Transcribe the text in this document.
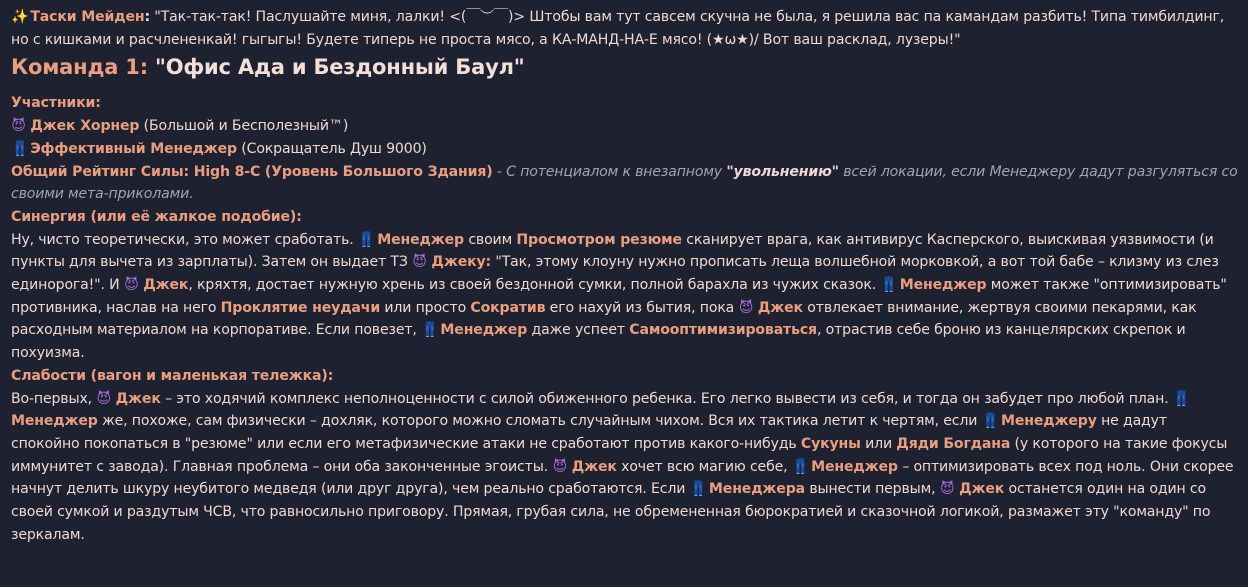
✨ Таски Мейден: "Так-так-так! Паслушайте миня, лалки! <(￣︶￣)> Штобы вам тут савсем скучна не была, я решила вас па камандам разбить! Типа тимбилдинг, но с кишками и расчлененкай! гыгыгы! Будете типерь не проста мясо, а КА-МАНД-НА-Е мясо! (★ω★)/ Вот ваш расклад, лузеры!"

Команда 1: "Офис Ада и Бездонный Баул"

Участники:

😈 Джек Хорнер (Большой и Бесполезный™)

👖 Эффективный Менеджер (Сокращатель Душ 9000)

Общий Рейтинг Силы: High 8-C (Уровень Большого Здания) - С потенциалом к внезапному "увольнению" всей локации, если Менеджеру дадут разгуляться со своими мета-приколами.

Синергия (или её жалкое подобие):

Ну, чисто теоретически, это может сработать. 👖 Менеджер своим Просмотром резюме сканирует врага, как антивирус Касперского, выискивая уязвимости (и пункты для вычета из зарплаты). Затем он выдает ТЗ 😈 Джеку: "Так, этому клоуну нужно прописать леща волшебной морковкой, а вот той бабе – клизму из слез единорога!". И 😈 Джек, кряхтя, достает нужную хрень из своей бездонной сумки, полной барахла из чужих сказок. 👖 Менеджер может также "оптимизировать" противника, наслав на него Проклятие неудачи или просто Сократив его нахуй из бытия, пока 😈 Джек отвлекает внимание, жертвуя своими пекарями, как расходным материалом на корпоративе. Если повезет, 👖 Менеджер даже успеет Самооптимизироваться, отрастив себе броню из канцелярских скрепок и похуизма.

Слабости (вагон и маленькая тележка):

Во-первых, 😈 Джек – это ходячий комплекс неполноценности с силой обиженного ребенка. Его легко вывести из себя, и тогда он забудет про любой план. 👖 Менеджер же, похоже, сам физически – дохляк, которого можно сломать случайным чихом. Вся их тактика летит к чертям, если 👖 Менеджеру не дадут спокойно покопаться в "резюме" или если его метафизические атаки не сработают против какого-нибудь Сукуны или Дяди Богдана (у которого на такие фокусы иммунитет с завода). Главная проблема – они оба законченные эгоисты. 😈 Джек хочет всю магию себе, 👖 Менеджер – оптимизировать всех под ноль. Они скорее начнут делить шкуру неубитого медведя (или друг друга), чем реально сработаются. Если 👖 Менеджера вынести первым, 😈 Джек останется один на один со своей сумкой и раздутым ЧСВ, что равносильно приговору. Прямая, грубая сила, не обремененная бюрократией и сказочной логикой, размажет эту "команду" по зеркалам.
